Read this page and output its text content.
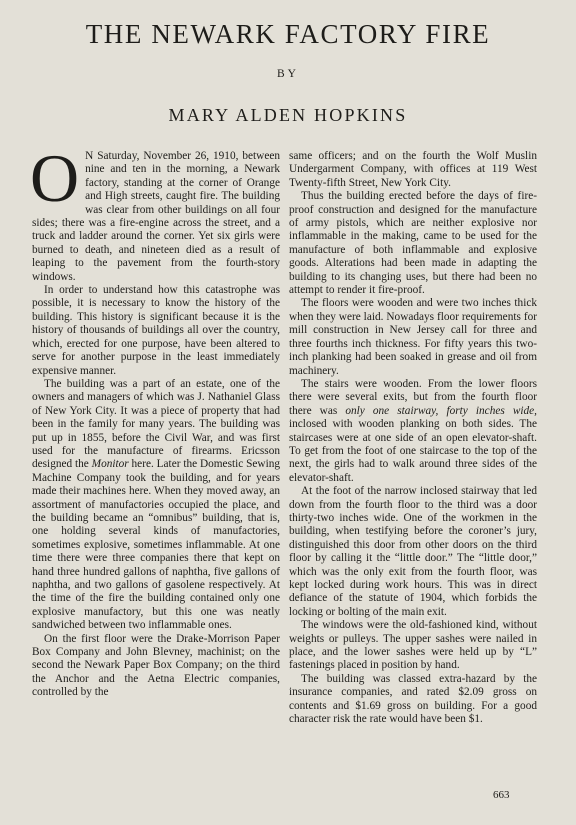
THE NEWARK FACTORY FIRE
BY
MARY ALDEN HOPKINS

O N Saturday, November 26, 1910, between nine and ten in the morning, a Newark factory, standing at the corner of Orange and High streets, caught fire. The building was clear from other buildings on all four sides; there was a fire-engine across the street, and a truck and ladder around the corner. Yet six girls were burned to death, and nineteen died as a result of leaping to the pavement from the fourth-story windows.

In order to understand how this catastrophe was possible, it is necessary to know the history of the building. This history is significant because it is the history of thousands of buildings all over the country, which, erected for one purpose, have been altered to serve for another purpose in the least immediately expensive manner.

The building was a part of an estate, one of the owners and managers of which was J. Nathaniel Glass of New York City. It was a piece of property that had been in the family for many years. The building was put up in 1855, before the Civil War, and was first used for the manufacture of firearms. Ericsson designed the Monitor here. Later the Domestic Sewing Machine Company took the building, and for years made their machines here. When they moved away, an assortment of manufactories occupied the place, and the building became an “omnibus” building, that is, one holding several kinds of manufactories, sometimes explosive, sometimes inflammable. At one time there were three companies there that kept on hand three hundred gallons of naphtha, five gallons of naphtha, and two gallons of gasolene respectively. At the time of the fire the building contained only one explosive manufactory, but this one was neatly sandwiched between two inflammable ones.

On the first floor were the Drake-Morrison Paper Box Company and John Blevney, machinist; on the second the Newark Paper Box Company; on the third the Anchor and the Aetna Electric companies, controlled by the

same officers; and on the fourth the Wolf Muslin Undergarment Company, with offices at 119 West Twenty-fifth Street, New York City.

Thus the building erected before the days of fire-proof construction and designed for the manufacture of army pistols, which are neither explosive nor inflammable in the making, came to be used for the manufacture of both inflammable and explosive goods. Alterations had been made in adapting the building to its changing uses, but there had been no attempt to render it fire-proof.

The floors were wooden and were two inches thick when they were laid. Nowadays floor requirements for mill construction in New Jersey call for three and three fourths inch thickness. For fifty years this two-inch planking had been soaked in grease and oil from machinery.

The stairs were wooden. From the lower floors there were several exits, but from the fourth floor there was only one stairway, forty inches wide, inclosed with wooden planking on both sides. The staircases were at one side of an open elevator-shaft. To get from the foot of one staircase to the top of the next, the girls had to walk around three sides of the elevator-shaft.

At the foot of the narrow inclosed stairway that led down from the fourth floor to the third was a door thirty-two inches wide. One of the workmen in the building, when testifying before the coroner’s jury, distinguished this door from other doors on the third floor by calling it the “little door.” The “little door,” which was the only exit from the fourth floor, was kept locked during work hours. This was in direct defiance of the statute of 1904, which forbids the locking or bolting of the main exit.

The windows were the old-fashioned kind, without weights or pulleys. The upper sashes were nailed in place, and the lower sashes were held up by “L” fastenings placed in position by hand.

The building was classed extra-hazard by the insurance companies, and rated $2.09 gross on contents and $1.69 gross on building. For a good character risk the rate would have been $1.

663
